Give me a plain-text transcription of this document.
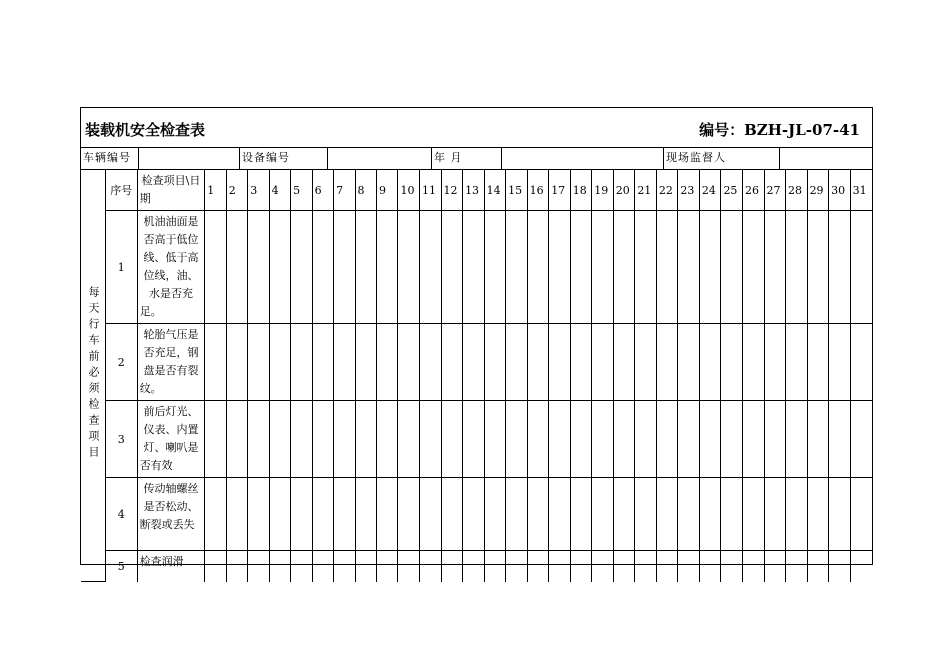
装载机安全检查表	编号：BZH-JL-07-41
车辆编号	设备编号	年 月	现场监督人
每天行车前必须检查项目	序号	检查项目\日期	1	2	3	4	5	6	7	8	9	10	11	12	13	14	15	16	17	18	19	20	21	22	23	24	25	26	27	28	29	30	31
	1	机油油面是否高于低位线、低于高位线，油、水是否充足。																															
	2	轮胎气压是否充足，钢盘是否有裂纹。																															
	3	前后灯光、仪表、内置灯、喇叭是否有效																															
	4	传动轴螺丝是否松动、断裂或丢失																															
	5	检查润滑																															
